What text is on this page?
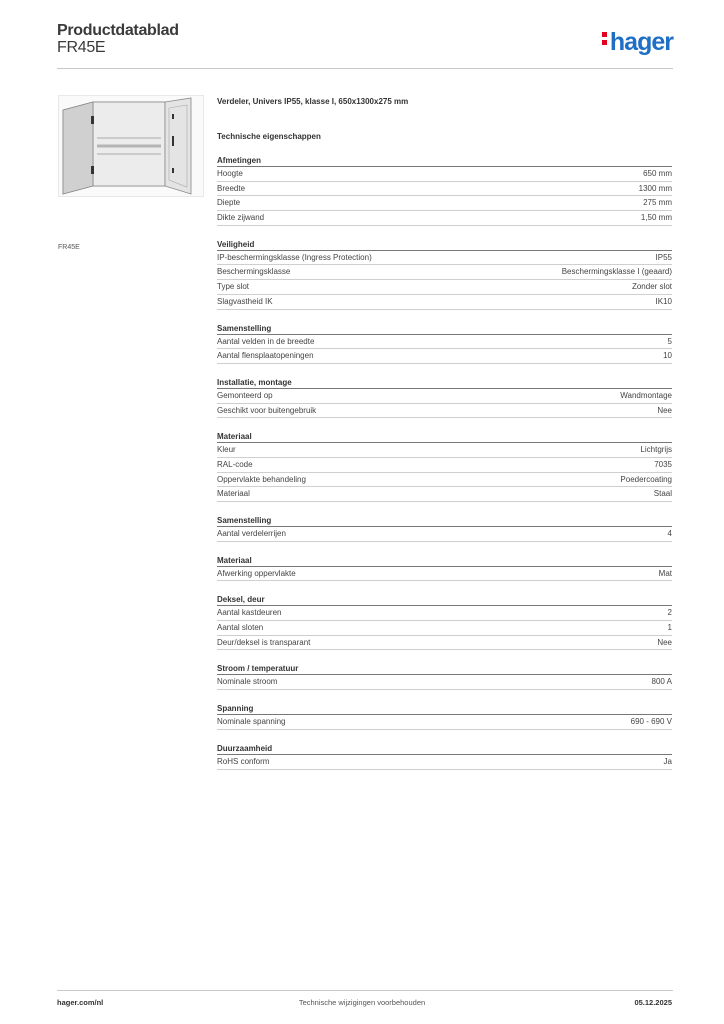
Productdatablad
FR45E	hager
FR45E
Verdeler, Univers IP55, klasse I, 650x1300x275 mm
Technische eigenschappen
Afmetingen
Hoogte	650 mm
Breedte	1300 mm
Diepte	275 mm
Dikte zijwand	1,50 mm
Veiligheid
IP-beschermingsklasse (Ingress Protection)	IP55
Beschermingsklasse	Beschermingsklasse I (geaard)
Type slot	Zonder slot
Slagvastheid IK	IK10
Samenstelling
Aantal velden in de breedte	5
Aantal flensplaatopeningen	10
Installatie, montage
Gemonteerd op	Wandmontage
Geschikt voor buitengebruik	Nee
Materiaal
Kleur	Lichtgrijs
RAL-code	7035
Oppervlakte behandeling	Poedercoating
Materiaal	Staal
Samenstelling
Aantal verdelerrijen	4
Materiaal
Afwerking oppervlakte	Mat
Deksel, deur
Aantal kastdeuren	2
Aantal sloten	1
Deur/deksel is transparant	Nee
Stroom / temperatuur
Nominale stroom	800 A
Spanning
Nominale spanning	690 - 690 V
Duurzaamheid
RoHS conform	Ja
hager.com/nl	Technische wijzigingen voorbehouden	05.12.2025
